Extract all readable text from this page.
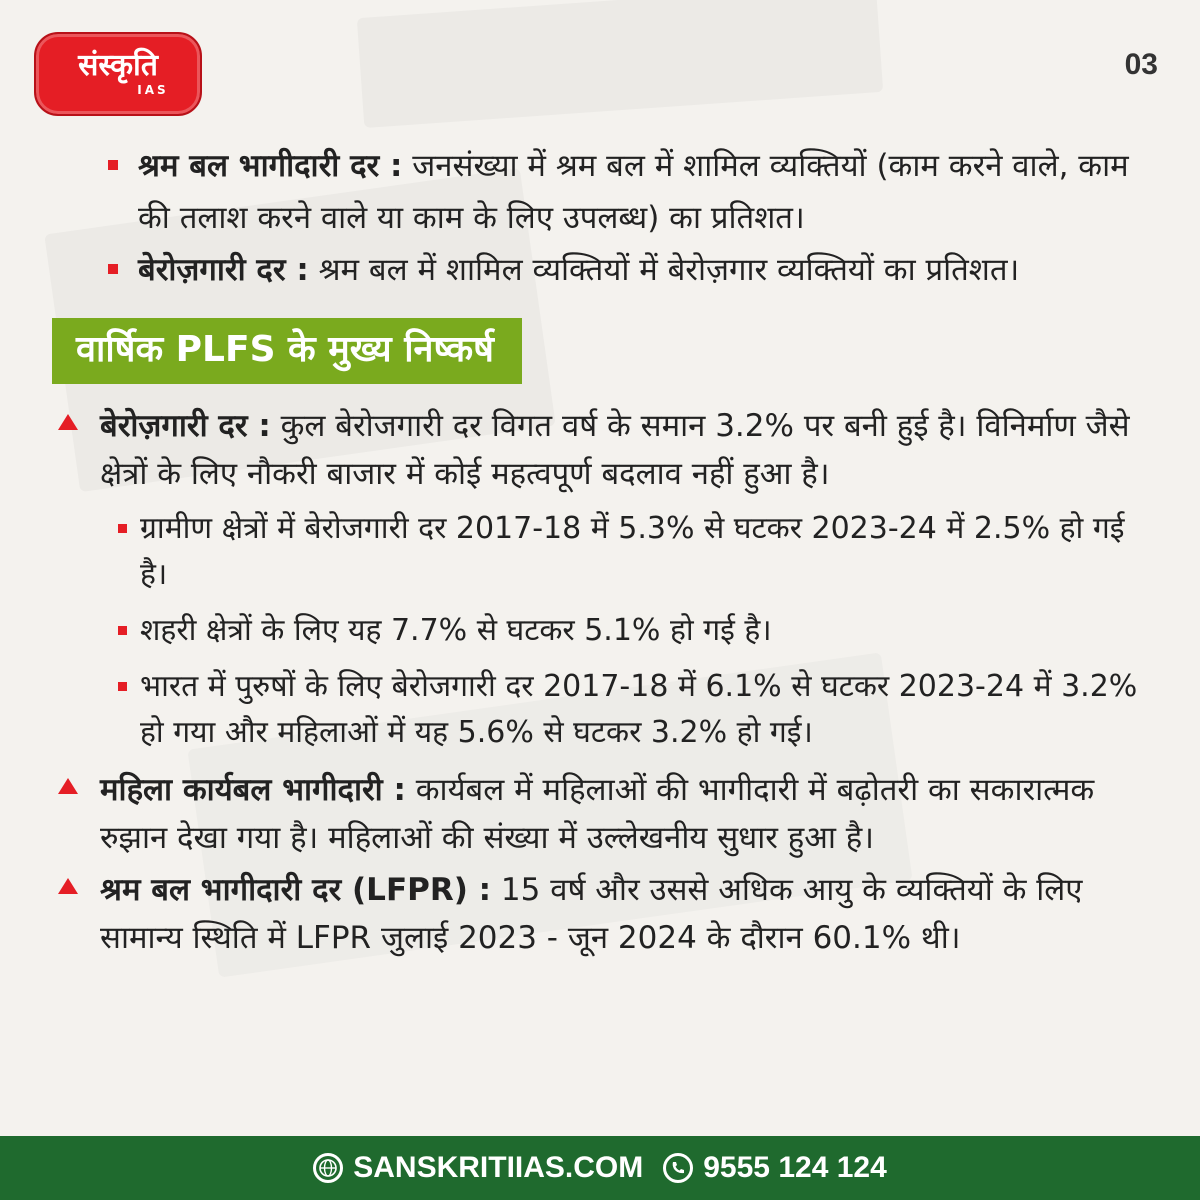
संस्कृति
IAS
03
श्रम बल भागीदारी दर : जनसंख्या में श्रम बल में शामिल व्यक्तियों (काम करने वाले, काम की तलाश करने वाले या काम के लिए उपलब्ध) का प्रतिशत।
बेरोज़गारी दर : श्रम बल में शामिल व्यक्तियों में बेरोज़गार व्यक्तियों का प्रतिशत।
वार्षिक PLFS के मुख्य निष्कर्ष
बेरोज़गारी दर : कुल बेरोजगारी दर विगत वर्ष के समान 3.2% पर बनी हुई है। विनिर्माण जैसे क्षेत्रों के लिए नौकरी बाजार में कोई महत्वपूर्ण बदलाव नहीं हुआ है।
ग्रामीण क्षेत्रों में बेरोजगारी दर 2017-18 में 5.3% से घटकर 2023-24 में 2.5% हो गई है।
शहरी क्षेत्रों के लिए यह 7.7% से घटकर 5.1% हो गई है।
भारत में पुरुषों के लिए बेरोजगारी दर 2017-18 में 6.1% से घटकर 2023-24 में 3.2% हो गया और महिलाओं में यह 5.6% से घटकर 3.2% हो गई।
महिला कार्यबल भागीदारी : कार्यबल में महिलाओं की भागीदारी में बढ़ोतरी का सकारात्मक रुझान देखा गया है। महिलाओं की संख्या में उल्लेखनीय सुधार हुआ है।
श्रम बल भागीदारी दर (LFPR) : 15 वर्ष और उससे अधिक आयु के व्यक्तियों के लिए सामान्य स्थिति में LFPR जुलाई 2023 - जून 2024 के दौरान 60.1% थी।
SANSKRITIIAS.COM 9555 124 124
